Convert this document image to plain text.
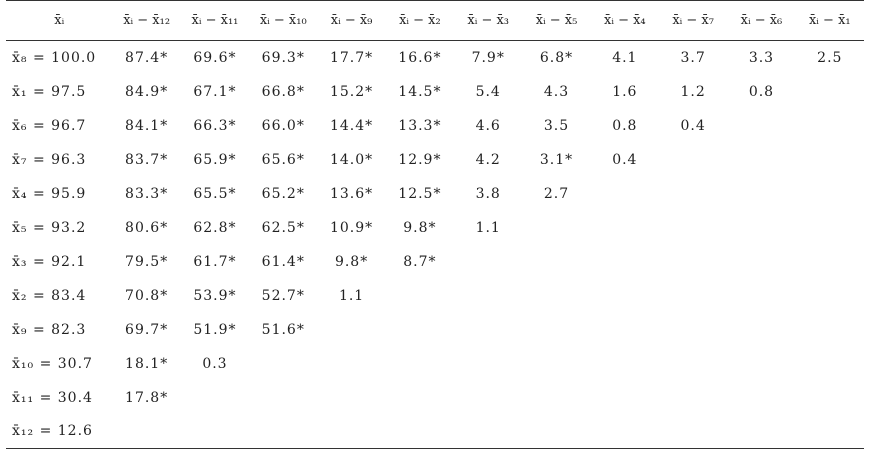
x̄ᵢ	x̄ᵢ − x̄₁₂	x̄ᵢ − x̄₁₁	x̄ᵢ − x̄₁₀	x̄ᵢ − x̄₉	x̄ᵢ − x̄₂	x̄ᵢ − x̄₃	x̄ᵢ − x̄₅	x̄ᵢ − x̄₄	x̄ᵢ − x̄₇	x̄ᵢ − x̄₆	x̄ᵢ − x̄₁
x̄₈ = 100.0	87.4*	69.6*	69.3*	17.7*	16.6*	7.9*	6.8*	4.1	3.7	3.3	2.5
x̄₁ = 97.5	84.9*	67.1*	66.8*	15.2*	14.5*	5.4	4.3	1.6	1.2	0.8	
x̄₆ = 96.7	84.1*	66.3*	66.0*	14.4*	13.3*	4.6	3.5	0.8	0.4		
x̄₇ = 96.3	83.7*	65.9*	65.6*	14.0*	12.9*	4.2	3.1*	0.4			
x̄₄ = 95.9	83.3*	65.5*	65.2*	13.6*	12.5*	3.8	2.7				
x̄₅ = 93.2	80.6*	62.8*	62.5*	10.9*	9.8*	1.1					
x̄₃ = 92.1	79.5*	61.7*	61.4*	9.8*	8.7*						
x̄₂ = 83.4	70.8*	53.9*	52.7*	1.1							
x̄₉ = 82.3	69.7*	51.9*	51.6*								
x̄₁₀ = 30.7	18.1*	0.3									
x̄₁₁ = 30.4	17.8*										
x̄₁₂ = 12.6											
